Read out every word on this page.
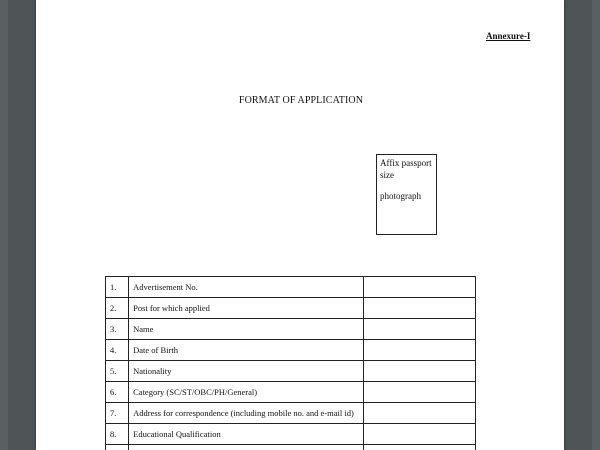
Annexure-I
FORMAT OF APPLICATION
Affix passport
size
photograph
1.	Advertisement No.	
2.	Post for which applied	
3.	Name	
4.	Date of Birth	
5.	Nationality	
6.	Category (SC/ST/OBC/PH/General)	
7.	Address for correspondence (including mobile no. and e-mail id)	
8.	Educational Qualification	
